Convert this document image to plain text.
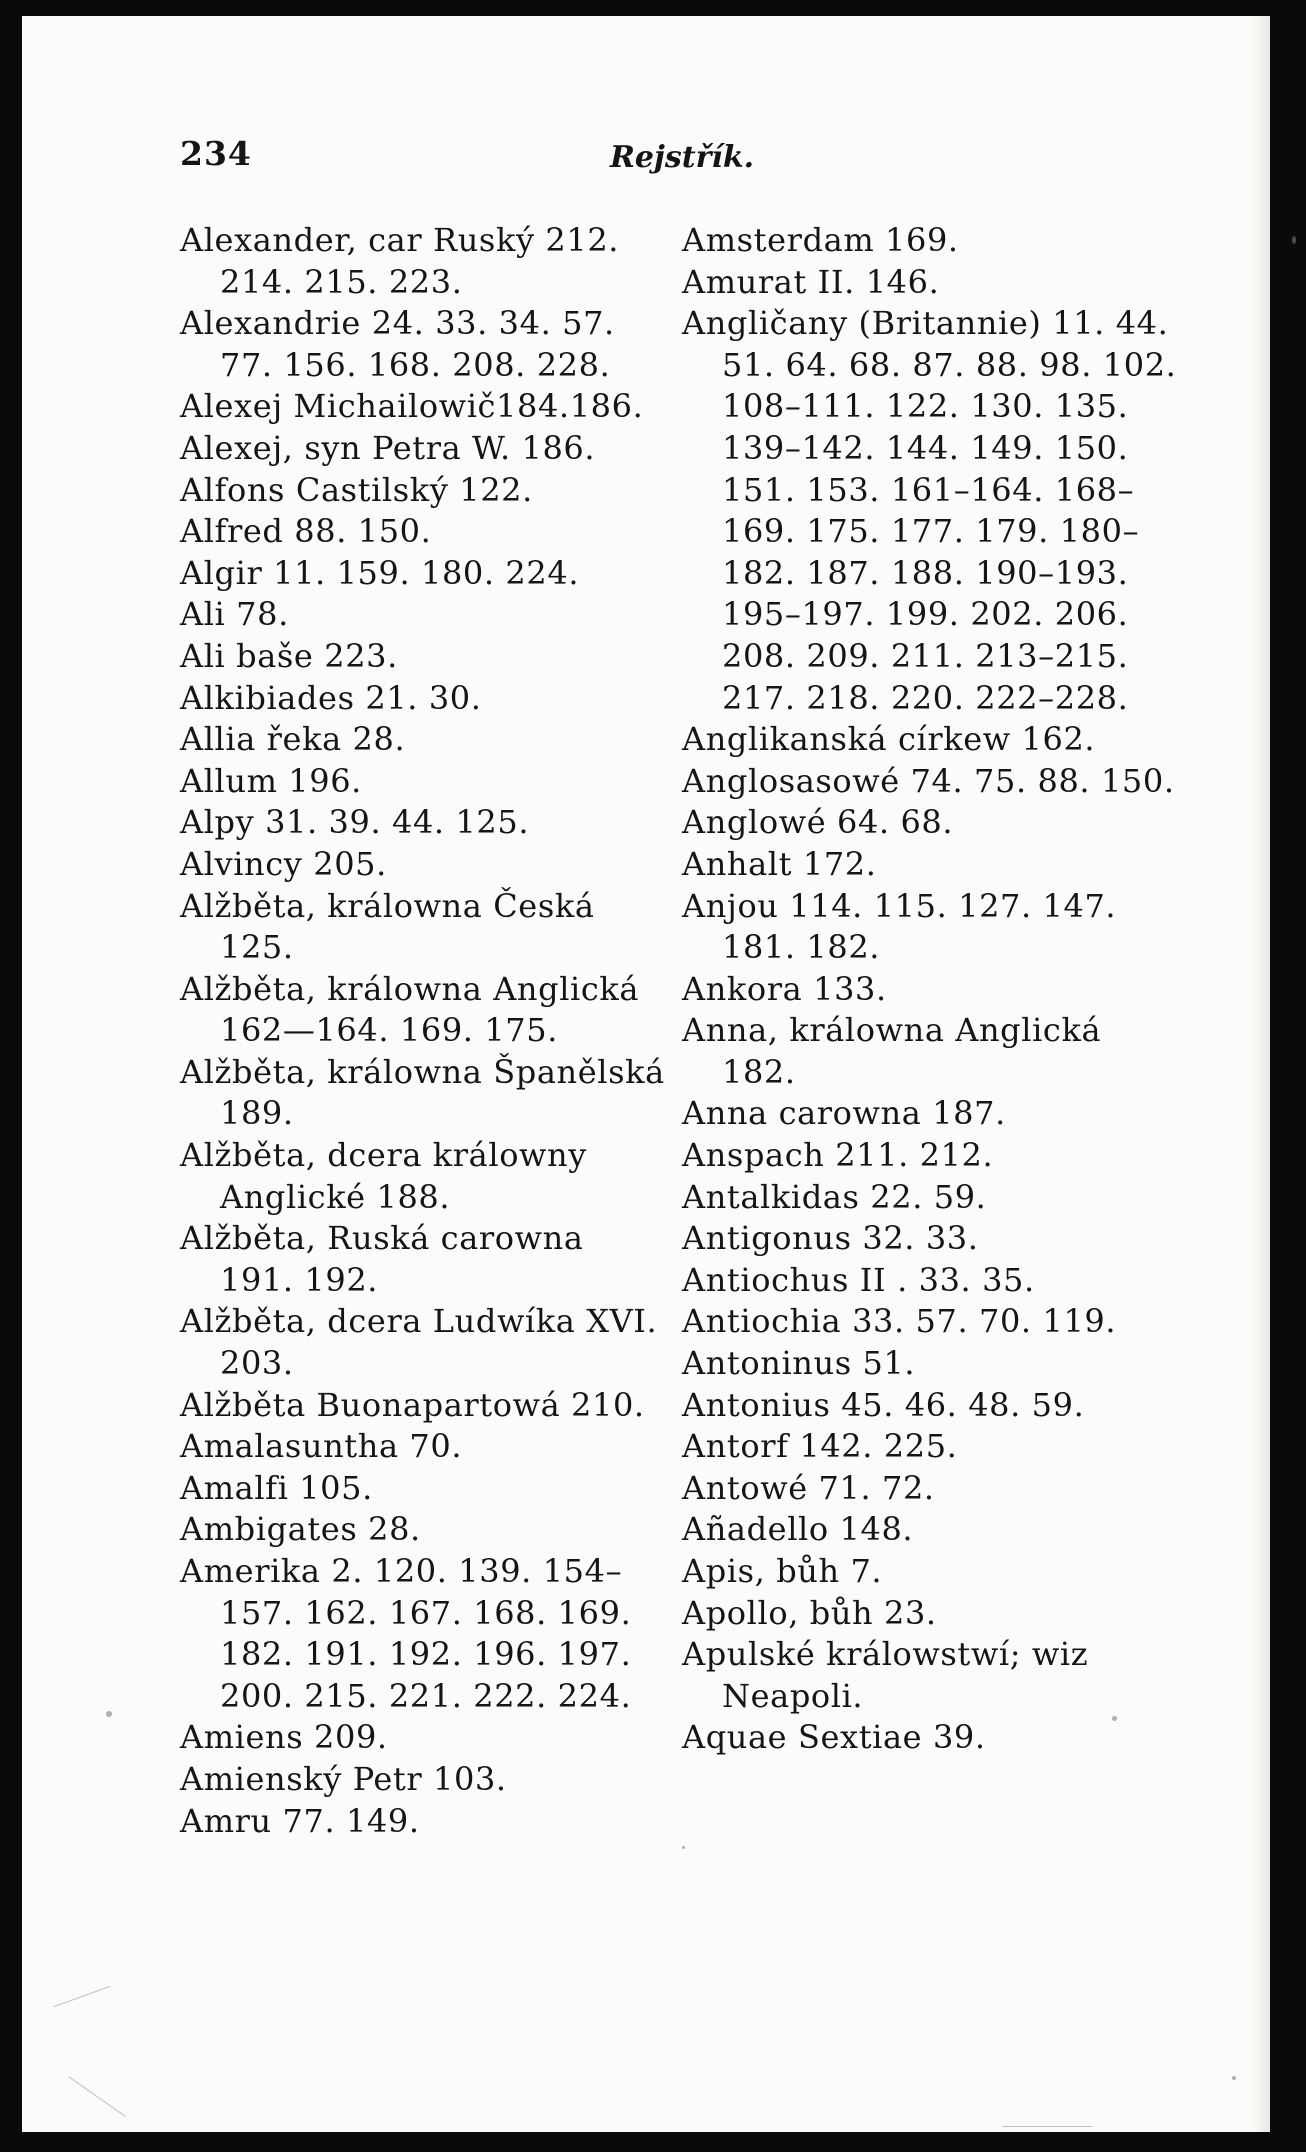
234	Rejstřík.
Alexander, car Ruský 212. 214. 215. 223.
Alexandrie 24. 33. 34. 57. 77. 156. 168. 208. 228.
Alexej Michailowič184.186.
Alexej, syn Petra W. 186.
Alfons Castilský 122.
Alfred 88. 150.
Algir 11. 159. 180. 224.
Ali 78.
Ali baše 223.
Alkibiades 21. 30.
Allia řeka 28.
Allum 196.
Alpy 31. 39. 44. 125.
Alvincy 205.
Alžběta, králowna Česká 125.
Alžběta, králowna Anglická 162—164. 169. 175.
Alžběta, králowna Španělská 189.
Alžběta, dcera králowny Anglické 188.
Alžběta, Ruská carowna 191. 192.
Alžběta, dcera Ludwíka XVI. 203.
Alžběta Buonapartowá 210.
Amalasuntha 70.
Amalfi 105.
Ambigates 28.
Amerika 2. 120. 139. 154–157. 162. 167. 168. 169. 182. 191. 192. 196. 197. 200. 215. 221. 222. 224.
Amiens 209.
Amienský Petr 103.
Amru 77. 149.
Amsterdam 169.
Amurat II. 146.
Angličany (Britannie) 11. 44. 51. 64. 68. 87. 88. 98. 102. 108–111. 122. 130. 135. 139–142. 144. 149. 150. 151. 153. 161–164. 168–169. 175. 177. 179. 180–182. 187. 188. 190–193. 195–197. 199. 202. 206. 208. 209. 211. 213–215. 217. 218. 220. 222–228.
Anglikanská církew 162.
Anglosasowé 74. 75. 88. 150.
Anglowé 64. 68.
Anhalt 172.
Anjou 114. 115. 127. 147. 181. 182.
Ankora 133.
Anna, králowna Anglická 182.
Anna carowna 187.
Anspach 211. 212.
Antalkidas 22. 59.
Antigonus 32. 33.
Antiochus II . 33. 35.
Antiochia 33. 57. 70. 119.
Antoninus 51.
Antonius 45. 46. 48. 59.
Antorf 142. 225.
Antowé 71. 72.
Añadello 148.
Apis, bůh 7.
Apollo, bůh 23.
Apulské králowstwí; wiz Neapoli.
Aquae Sextiae 39.
